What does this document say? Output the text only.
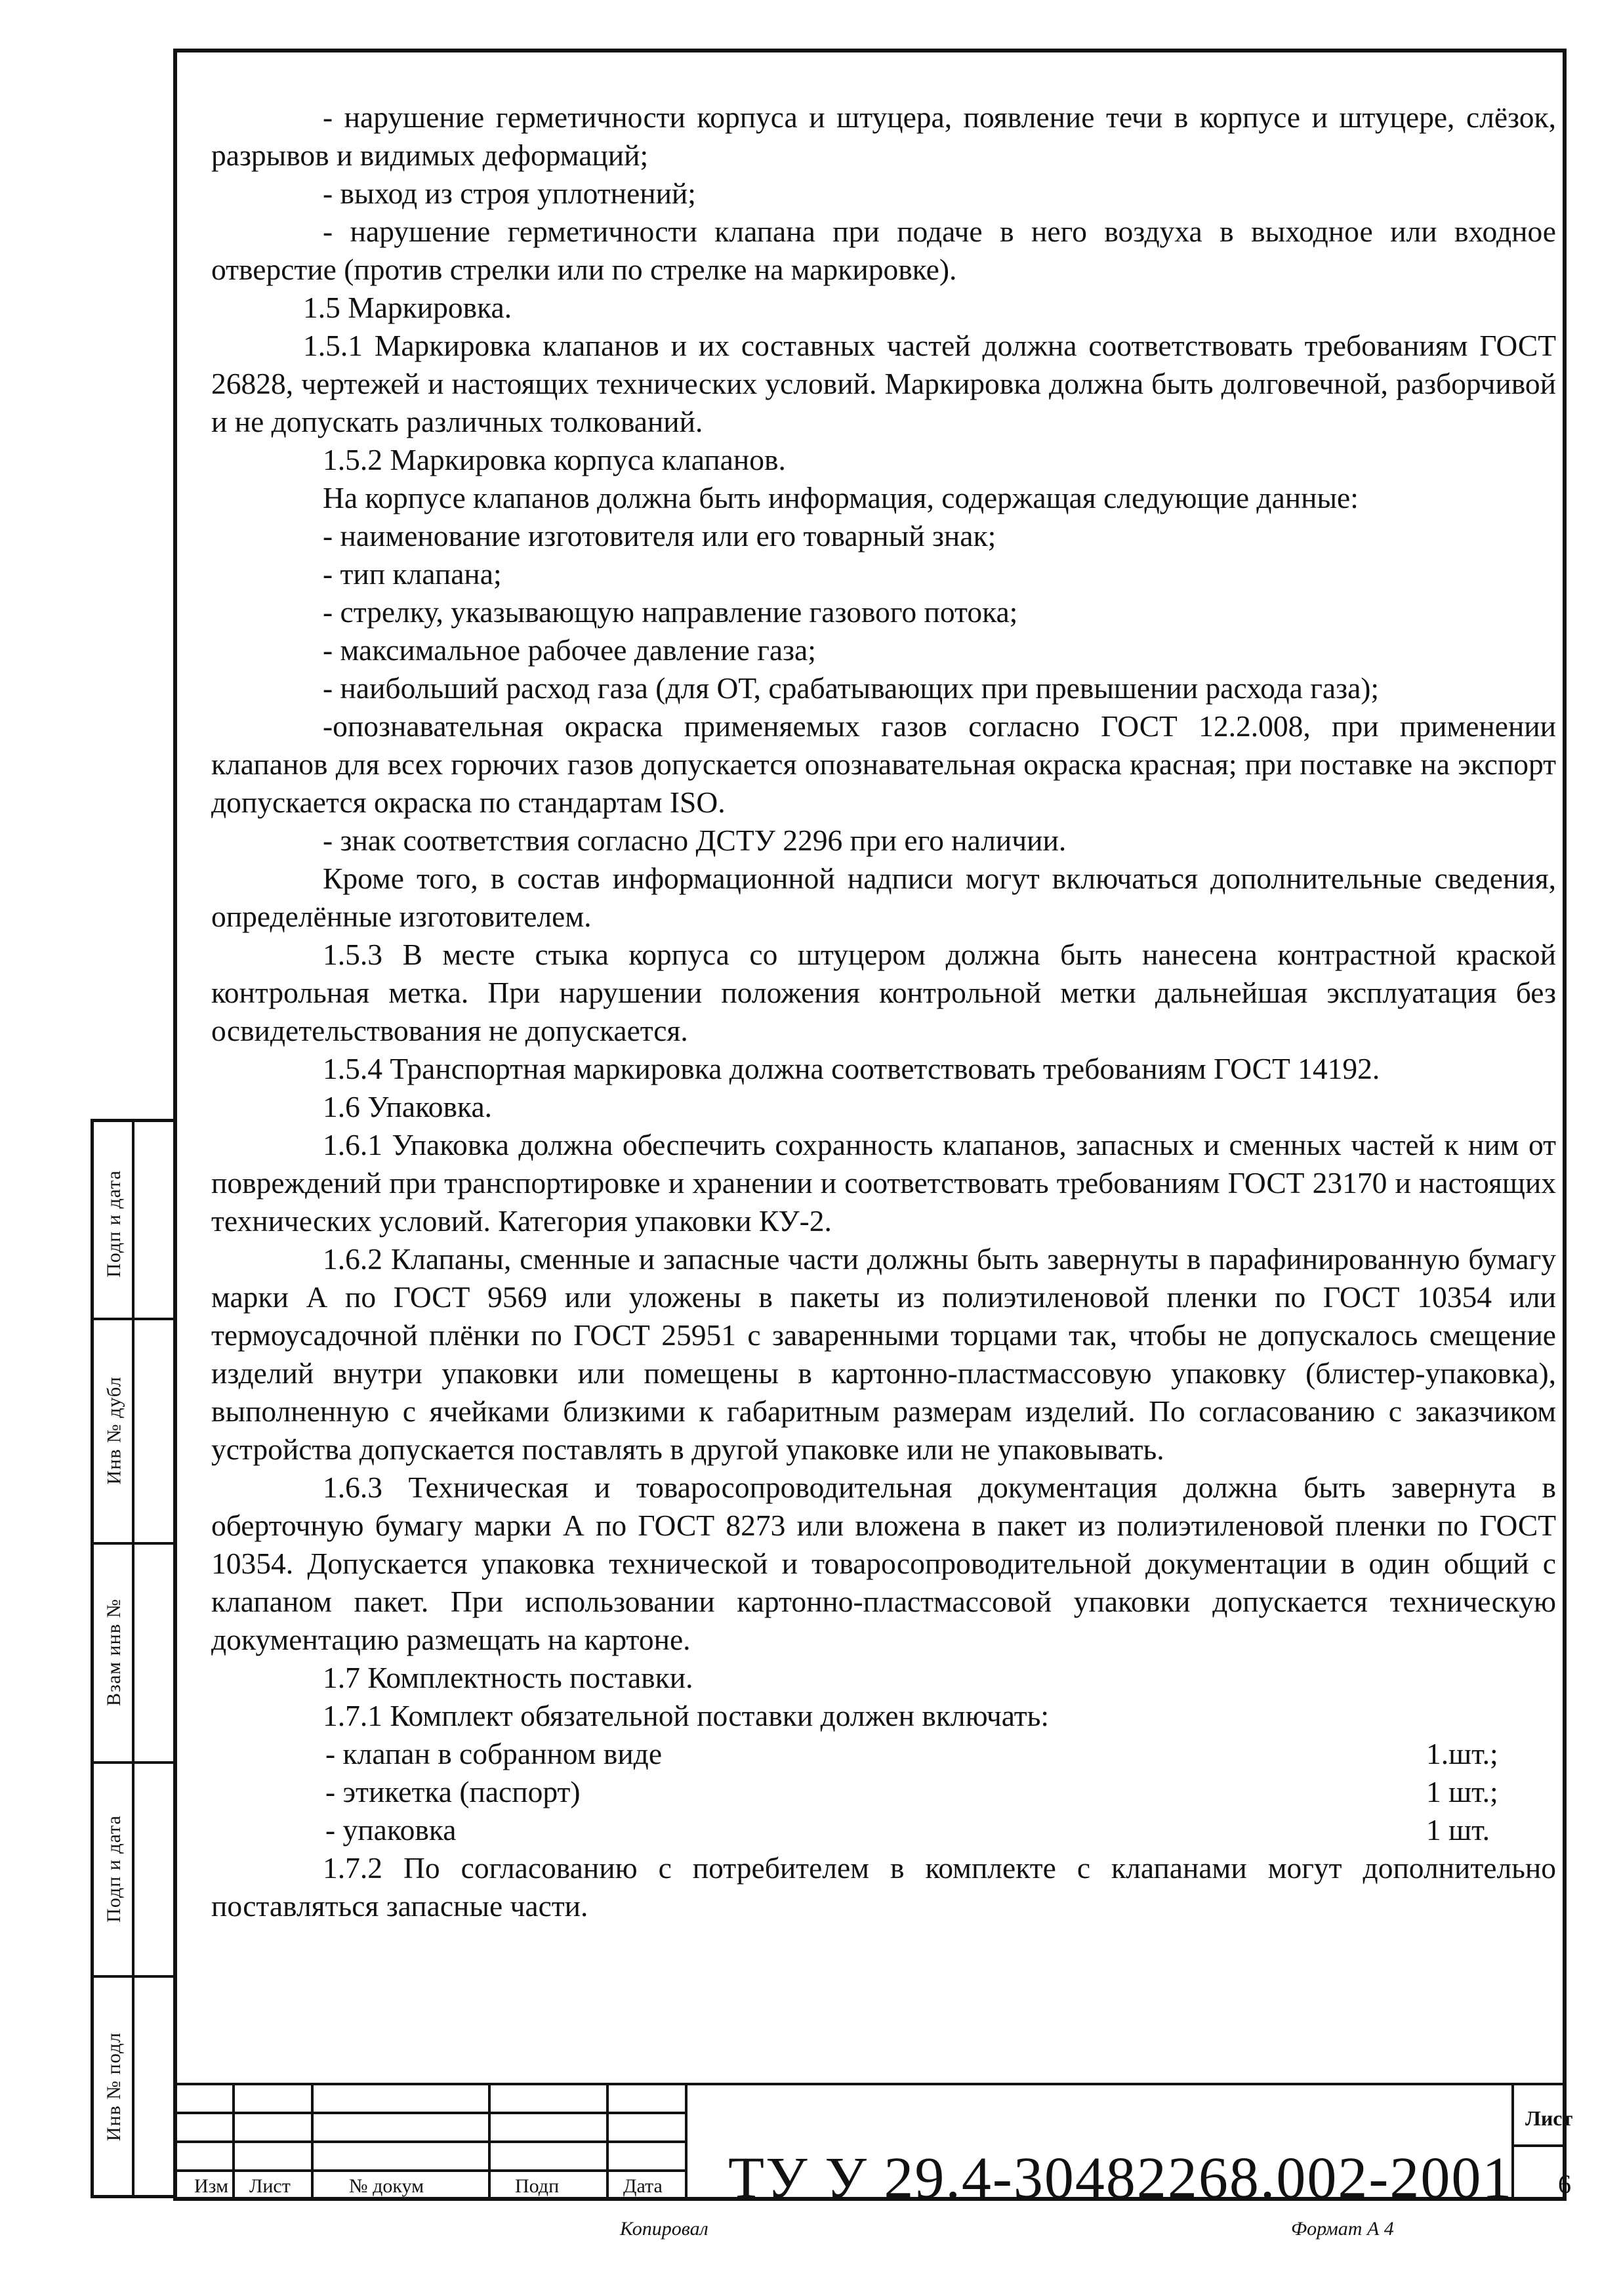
- нарушение герметичности корпуса и штуцера, появление течи в корпусе и штуцере, слёзок, разрывов и видимых деформаций;

- выход из строя уплотнений;

- нарушение герметичности клапана при подаче в него воздуха в выходное или входное отверстие (против стрелки или по стрелке на маркировке).

1.5 Маркировка.

1.5.1 Маркировка клапанов и их составных частей должна соответствовать требованиям ГОСТ 26828, чертежей и настоящих технических условий. Маркировка должна быть долговечной, разборчивой и не допускать различных толкований.

1.5.2 Маркировка корпуса клапанов.

На корпусе клапанов должна быть информация, содержащая следующие данные:

- наименование изготовителя или его товарный знак;

- тип клапана;

- стрелку, указывающую направление газового потока;

- максимальное рабочее давление газа;

- наибольший расход газа (для ОТ, срабатывающих при превышении расхода газа);

-опознавательная окраска применяемых газов согласно ГОСТ 12.2.008, при применении клапанов для всех горючих газов допускается опознавательная окраска красная; при поставке на экспорт допускается окраска по стандартам ISO.

- знак соответствия согласно ДСТУ 2296 при его наличии.

Кроме того, в состав информационной надписи могут включаться дополнительные сведения, определённые изготовителем.

1.5.3 В месте стыка корпуса со штуцером должна быть нанесена контрастной краской контрольная метка. При нарушении положения контрольной метки дальнейшая эксплуатация без освидетельствования не допускается.

1.5.4 Транспортная маркировка должна соответствовать требованиям ГОСТ 14192.

1.6 Упаковка.

1.6.1 Упаковка должна обеспечить сохранность клапанов, запасных и сменных частей к ним от повреждений при транспортировке и хранении и соответствовать требованиям ГОСТ 23170 и настоящих технических условий. Категория упаковки КУ-2.

1.6.2 Клапаны, сменные и запасные части должны быть завернуты в парафинированную бумагу марки А по ГОСТ 9569 или уложены в пакеты из полиэтиленовой пленки по ГОСТ 10354 или термоусадочной плёнки по ГОСТ 25951 с заваренными торцами так, чтобы не допускалось смещение изделий внутри упаковки или помещены в картонно-пластмассовую упаковку (блистер-упаковка), выполненную с ячейками близкими к габаритным размерам изделий. По согласованию с заказчиком устройства допускается поставлять в другой упаковке или не упаковывать.

1.6.3 Техническая и товаросопроводительная документация должна быть завернута в оберточную бумагу марки А по ГОСТ 8273 или вложена в пакет из полиэтиленовой пленки по ГОСТ 10354. Допускается упаковка технической и товаросопроводительной документации в один общий с клапаном пакет. При использовании картонно-пластмассовой упаковки допускается техническую документацию размещать на картоне.

1.7 Комплектность поставки.

1.7.1 Комплект обязательной поставки должен включать:

- клапан в собранном виде	1.шт.;
- этикетка (паспорт)	1 шт.;
- упаковка	1 шт.

1.7.2 По согласованию с потребителем в комплекте с клапанами могут дополнительно поставляться запасные части.

Подп и дата
Инв № дубл
Взам инв №
Подп и дата
Инв № подл
ТУ У 29.4-30482268.002-2001
Лист
6
Изм Лист	№ докум	Подп	Дата
Копировал	Формат А 4
